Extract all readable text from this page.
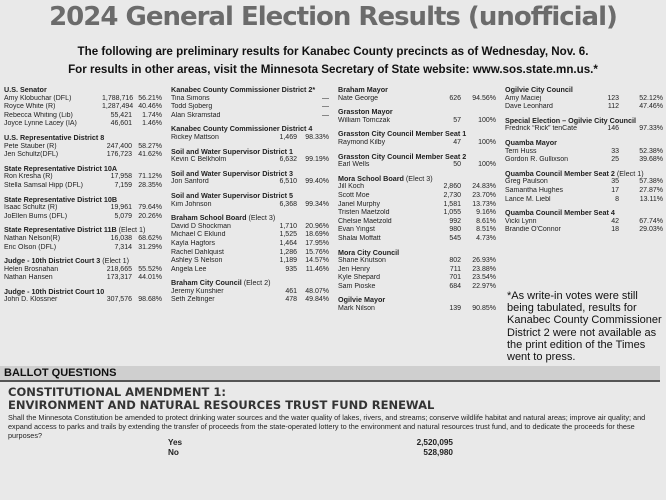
2024 General Election Results (unofficial)
The following are preliminary results for Kanabec County precincts as of Wednesday, Nov. 6.
For results in other areas, visit the Minnesota Secretary of State website: www.sos.state.mn.us.*
U.S. Senator
Amy Klobuchar (DFL)	1,788,716 56.21%
Royce White (R)	1,287,494 40.46%
Rebecca Whiting (Lib)	55,421	1.74%
Joyce Lynne Lacey (IA)	46,601	1.46%
U.S. Representative District 8
Pete Stauber (R)	247,400 58.27%
Jen Schultz(DFL)	176,723 41.62%
State Representative District 10A
Ron Kresha (R)	17,958 71.12%
Stella Samsal Hipp (DFL)	7,159 28.35%
State Representative District 10B
Isaac Schultz (R)	19,961 79.64%
JoEllen Burns (DFL)	5,079 20.26%
State Representative District 11B (Elect 1)
Nathan Nelson(R)	16,038 68.62%
Eric Olson (DFL)	7,314 31.29%
Judge - 10th District Court 3 (Elect 1)
Helen Brosnahan	218,665 55.52%
Nathan Hansen	173,317 44.01%
Judge - 10th District Court 10
John D. Klossner	307,576 98.68%
Kanabec County Commissioner District 2*
Tina Simons	—
Todd Sjoberg	—
Alan Skramstad	—
Kanabec County Commissioner District 4
Rickey Mattson	1,469	98.33%
Soil and Water Supervisor District 1
Kevin C Belkholm	6,632	99.19%
Soil and Water Supervisor District 3
Jon Sanford	6,510	99.40%
Soil and Water Supervisor District 5
Kim Johnson	6,368	99.34%
Braham School Board (Elect 3)
David D Shockman	1,710	20.96%
Michael C Eklund	1,525	18.69%
Kayla Hagfors	1,464	17.95%
Rachel Dahlquist	1,286	15.76%
Ashley S Nelson	1,189	14.57%
Angela Lee	935	11.46%
Braham City Council (Elect 2)
Jeremy Kunshier	461	48.07%
Seth Zeltinger	478	49.84%
Braham Mayor
Nate George	626	94.56%
Grasston Mayor
William Tomczak	57	100%
Grasston City Council Member Seat 1
Raymond Kilby	47	100%
Grasston City Council Member Seat 2
Earl Wells	50	100%
Mora School Board (Elect 3)
Jill Koch	2,860	24.83%
Scott Moe	2,730	23.70%
Janel Murphy	1,581	13.73%
Tristen Maetzold	1,055	9.16%
Chelsie Maetzold	992	8.61%
Evan Yingst	980	8.51%
Shalai Moffatt	545	4.73%
Mora City Council
Shane Knutson	802	26.93%
Jen Henry	711	23.88%
Kyle Shepard	701	23.54%
Sam Pioske	684	22.97%
Ogilvie Mayor
Mark Nilson	139	90.85%
Ogilvie City Council
Amy Maciej	123	52.12%
Dave Leonhard	112	47.46%
Special Election – Ogilvie City Council
Fredrick “Rick” tenCate	146	97.33%
Quamba Mayor
Terri Huss	33	52.38%
Gordon R. Gullixson	25	39.68%
Quamba Council Member Seat 2 (Elect 1)
Greg Paulson	35	57.38%
Samantha Hughes	17	27.87%
Lance M. Liebl	8	13.11%
Quamba Council Member Seat 4
Vicki Lynn	42	67.74%
Brandie O'Connor	18	29.03%
*As write-in votes were still being tabulated, results for Kanabec County Commissioner District 2 were not available as the print edition of the Times went to press.
BALLOT QUESTIONS
CONSTITUTIONAL AMENDMENT 1:
ENVIRONMENT AND NATURAL RESOURCES TRUST FUND RENEWAL
Shall the Minnesota Constitution be amended to protect drinking water sources and the water quality of lakes, rivers, and streams; conserve wildlife habitat and natural areas; improve air quality; and expand access to parks and trails by extending the transfer of proceeds from the state-operated lottery to the environment and natural resources trust fund, and to dedicate the proceeds for these purposes?
Yes	2,520,095
No	528,980
